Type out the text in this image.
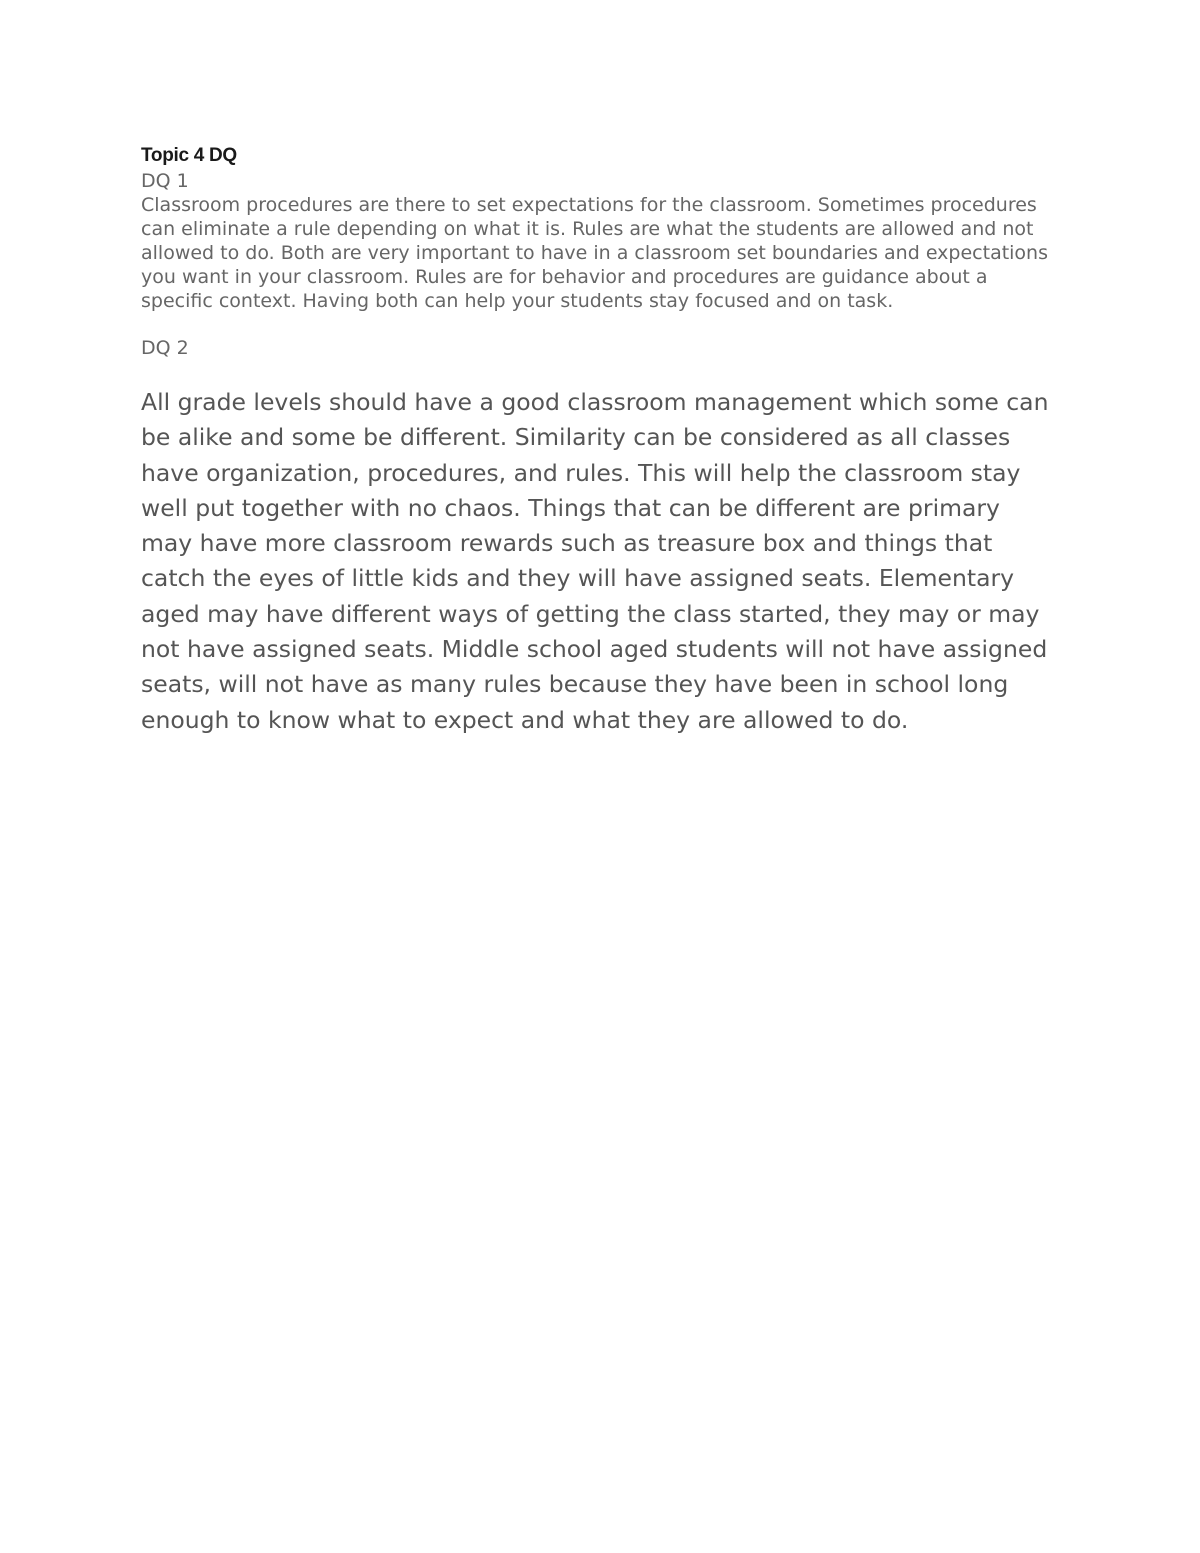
Topic 4 DQ

DQ 1

Classroom procedures are there to set expectations for the classroom. Sometimes procedures can eliminate a rule depending on what it is. Rules are what the students are allowed and not allowed to do. Both are very important to have in a classroom set boundaries and expectations you want in your classroom. Rules are for behavior and procedures are guidance about a specific context. Having both can help your students stay focused and on task.

DQ 2

All grade levels should have a good classroom management which some can be alike and some be different. Similarity can be considered as all classes have organization, procedures, and rules. This will help the classroom stay well put together with no chaos. Things that can be different are primary may have more classroom rewards such as treasure box and things that catch the eyes of little kids and they will have assigned seats. Elementary aged may have different ways of getting the class started, they may or may not have assigned seats. Middle school aged students will not have assigned seats, will not have as many rules because they have been in school long enough to know what to expect and what they are allowed to do.
